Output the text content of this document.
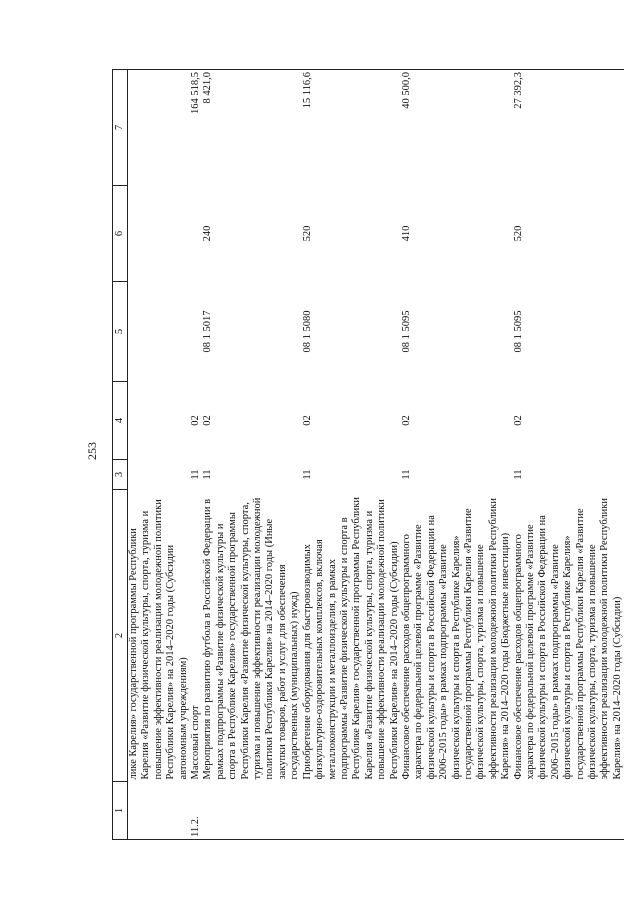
253
1	2	3	4	5	6	7
	лике Карелия» государственной программы Республики Карелия «Развитие физической культуры, спорта, туризма и повышение эффективности реализации молодежной политики Республики Карелия» на 2014–2020 годы (Субсидии автономным учреждениям)					
11.2.	Массовый спорт	11	02			164 518,5
	Мероприятия по развитию футбола в Российской Федерации в рамках подпрограммы «Развитие физической культуры и спорта в Республике Карелия» государственной программы Республики Карелия «Развитие физической культуры, спорта, туризма и повышение эффективности реализации молодежной политики Республики Карелия» на 2014–2020 годы (Иные закупки товаров, работ и услуг для обеспечения государственных (муниципальных) нужд)	11	02	08 1 5017	240	8 421,0
	Приобретение оборудования для быстровозводимых физкультурно-оздоровительных комплексов, включая металлоконструкции и металлоизделия, в рамках подпрограммы «Развитие физической культуры и спорта в Республике Карелия» государственной программы Республики Карелия «Развитие физической культуры, спорта, туризма и повышение эффективности реализации молодежной политики Республики Карелия» на 2014–2020 годы (Субсидии)	11	02	08 1 5080	520	15 116,6
	Финансовое обеспечение расходов общепрограммного характера по федеральной целевой программе «Развитие физической культуры и спорта в Российской Федерации на 2006–2015 годы» в рамках подпрограммы «Развитие физической культуры и спорта в Республике Карелия» государственной программы Республики Карелия «Развитие физической культуры, спорта, туризма и повышение эффективности реализации молодежной политики Республики Карелия» на 2014–2020 годы (Бюджетные инвестиции)	11	02	08 1 5095	410	40 500,0
	Финансовое обеспечение расходов общепрограммного характера по федеральной целевой программе «Развитие физической культуры и спорта в Российской Федерации на 2006–2015 годы» в рамках подпрограммы «Развитие физической культуры и спорта в Республике Карелия» государственной программы Республики Карелия «Развитие физической культуры, спорта, туризма и повышение эффективности реализации молодежной политики Республики Карелия» на 2014–2020 годы (Субсидии)	11	02	08 1 5095	520	27 392,3
